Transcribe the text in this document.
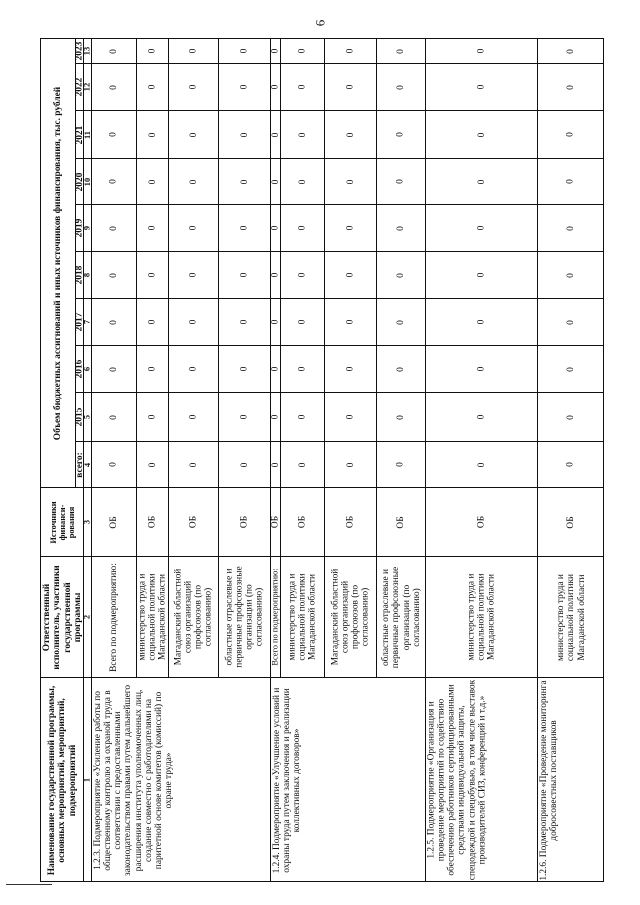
6
Наименование государственной программы, основных мероприятий, мероприятий, подмероприятий
Ответственный исполнитель, участники государственной программы
Источники финанси-рования
Объем бюджетных ассигнований и иных источников финансирования, тыс. рублей
всего:
2015
2016
2017
2018
2019
2020
2021
2022
2023
1
2
3
4
5
6
7
8
9
10
11
12
13
1.2.3. Подмероприятие «Усиление работы по общественному контролю за охраной труда в соответствии с предоставленными законодательством правами путем дальнейшего расширения института уполномоченных лиц, создание совместно с работодателями на паритетной основе комитетов (комиссий) по охране труда»
Всего по подмероприятию:
ОБ
0
0
0
0
0
0
0
0
0
0
министерство труда и социальной политики Магаданской области
ОБ
0
0
0
0
0
0
0
0
0
0
Магаданский областной союз организаций профсоюзов (по согласованию)
ОБ
0
0
0
0
0
0
0
0
0
0
областные отраслевые и первичные профсоюзные организации (по согласованию)
ОБ
0
0
0
0
0
0
0
0
0
0
1.2.4. Подмероприятие «Улучшение условий и охраны труда путем заключения и реализации коллективных договоров»
Всего по подмероприятию:
ОБ
0
0
0
0
0
0
0
0
0
0
министерство труда и социальной политики Магаданской области
ОБ
0
0
0
0
0
0
0
0
0
0
Магаданский областной союз организаций профсоюзов (по согласованию)
ОБ
0
0
0
0
0
0
0
0
0
0
областные отраслевые и первичные профсоюзные организации (по согласованию)
ОБ
0
0
0
0
0
0
0
0
0
0
1.2.5. Подмероприятие «Организация и проведение мероприятий по содействию обеспечению работников сертифицированными средствами индивидуальной защиты, спецодеждой и спецобувью, в том числе выставок производителей СИЗ, конференций и т.д.»
министерство труда и социальной политики Магаданской области
ОБ
0
0
0
0
0
0
0
0
0
0
1.2.6. Подмероприятие «Проведение мониторинга добросовестных поставщиков
министерство труда и социальной политики Магаданской области
ОБ
0
0
0
0
0
0
0
0
0
0
